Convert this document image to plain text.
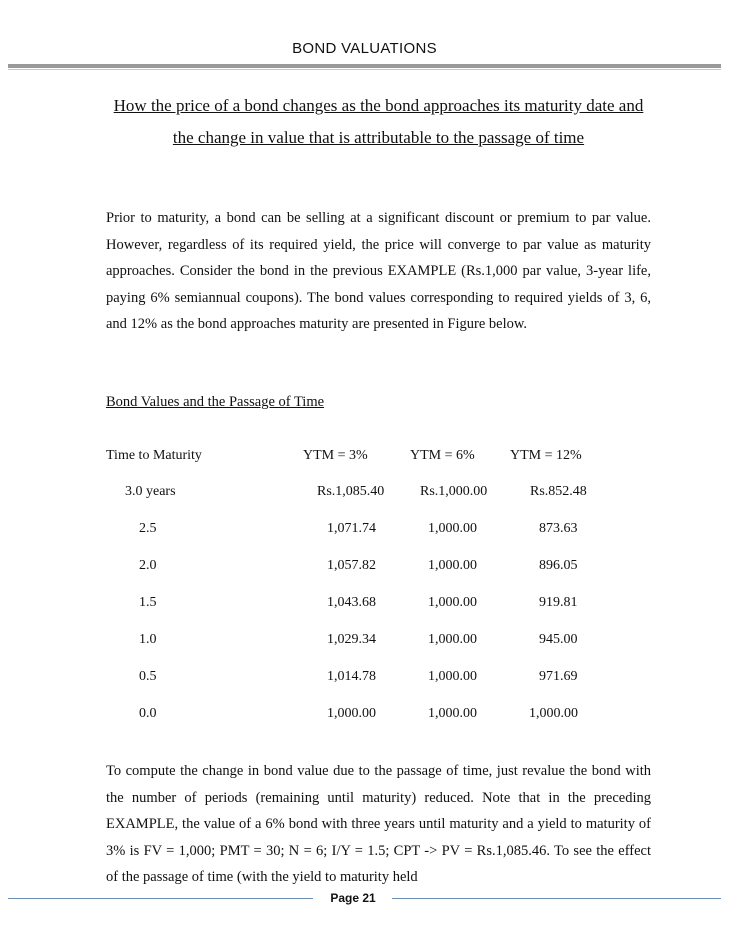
BOND VALUATIONS
How the price of a bond changes as the bond approaches its maturity date and the change in value that is attributable to the passage of time

Prior to maturity, a bond can be selling at a significant discount or premium to par value. However, regardless of its required yield, the price will converge to par value as maturity approaches. Consider the bond in the previous EXAMPLE (Rs.1,000 par value, 3-year life, paying 6% semiannual coupons). The bond values corresponding to required yields of 3, 6, and 12% as the bond approaches maturity are presented in Figure below.

Bond Values and the Passage of Time
Time to Maturity	YTM = 3%	YTM = 6%	YTM = 12%
3.0 years	Rs.1,085.40	Rs.1,000.00	Rs.852.48
2.5	1,071.74	1,000.00	873.63
2.0	1,057.82	1,000.00	896.05
1.5	1,043.68	1,000.00	919.81
1.0	1,029.34	1,000.00	945.00
0.5	1,014.78	1,000.00	971.69
0.0	1,000.00	1,000.00	1,000.00

To compute the change in bond value due to the passage of time, just revalue the bond with the number of periods (remaining until maturity) reduced. Note that in the preceding EXAMPLE, the value of a 6% bond with three years until maturity and a yield to maturity of 3% is FV = 1,000; PMT = 30; N = 6; I/Y = 1.5; CPT -> PV = Rs.1,085.46. To see the effect of the passage of time (with the yield to maturity held

Page 21
